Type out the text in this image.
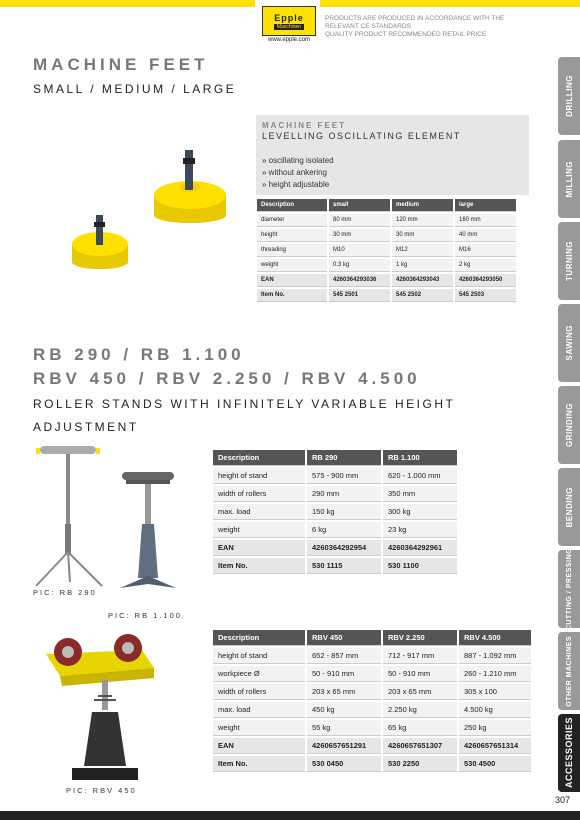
Epple
Maschinen
www.epple.com
PRODUCTS ARE PRODUCED IN ACCORDANCE WITH THE
RELEVANT CE STANDARDS
QUALITY PRODUCT RECOMMENDED RETAIL PRICE
MACHINE FEET
SMALL / MEDIUM / LARGE
MACHINE FEET
LEVELLING OSCILLATING ELEMENT
» oscillating isolated
» without ankering
» height adjustable
Description	small	medium	large
diameter	80 mm	120 mm	160 mm
height	30 mm	30 mm	40 mm
threading	M10	M12	M16
weight	0,3 kg	1 kg	2 kg
EAN	4260364293036	4260364293043	4260364293050
Item No.	545 2501	545 2502	545 2503
RB 290 / RB 1.100
RBV 450 / RBV 2.250 / RBV 4.500
ROLLER STANDS WITH INFINITELY VARIABLE HEIGHT
ADJUSTMENT
PIC: RB 290
PIC: RB 1.100
Description	RB 290	RB 1.100
height of stand	575 - 900 mm	620 - 1.000 mm
width of rollers	290 mm	350 mm
max. load	150 kg	300 kg
weight	6 kg	23 kg
EAN	4260364292954	4260364292961
Item No.	530 1115	530 1100
PIC: RBV 450
Description	RBV 450	RBV 2.250	RBV 4.500
height of stand	652 - 857 mm	712 - 917 mm	887 - 1.092 mm
workpiece Ø	50 - 910 mm	50 - 910 mm	260 - 1.210 mm
width of rollers	203 x 65 mm	203 x 65 mm	305 x 100
max. load	450 kg	2.250 kg	4.500 kg
weight	55 kg	65 kg	250 kg
EAN	4260657651291	4260657651307	4260657651314
Item No.	530 0450	530 2250	530 4500
DRILLING
MILLING
TURNING
SAWING
GRINDING
BENDING
CUTTING / PRESSING
OTHER MACHINES
ACCESSORIES
307
